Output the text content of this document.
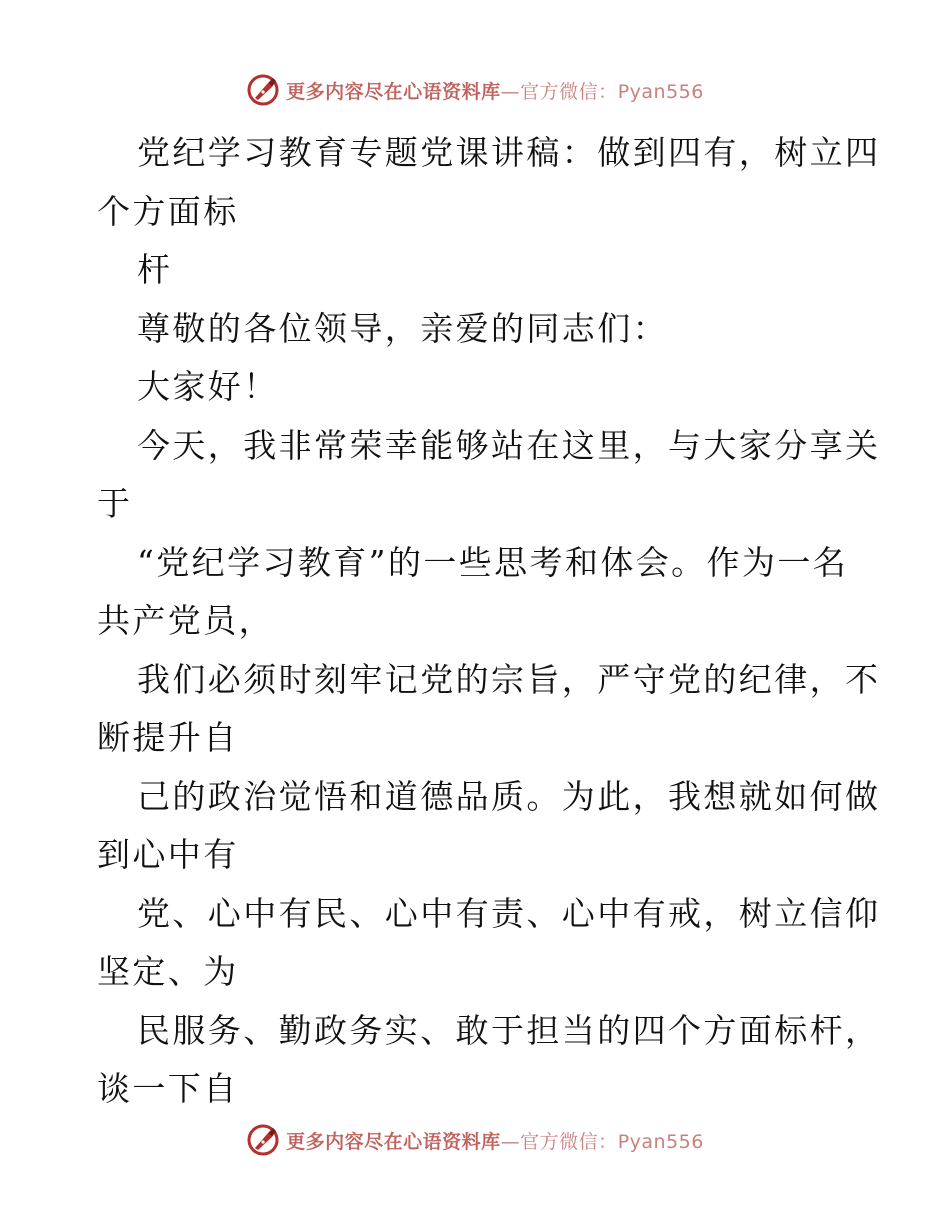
更多内容尽在心语资料库—官方微信：Pyan556
党纪学习教育专题党课讲稿：做到四有，树立四
个方面标
杆
尊敬的各位领导，亲爱的同志们：
大家好！
今天，我非常荣幸能够站在这里，与大家分享关
于
“党纪学习教育”的一些思考和体会。作为一名
共产党员，
我们必须时刻牢记党的宗旨，严守党的纪律，不
断提升自
己的政治觉悟和道德品质。为此，我想就如何做
到心中有
党、心中有民、心中有责、心中有戒，树立信仰
坚定、为
民服务、勤政务实、敢于担当的四个方面标杆，
谈一下自
更多内容尽在心语资料库—官方微信：Pyan556
